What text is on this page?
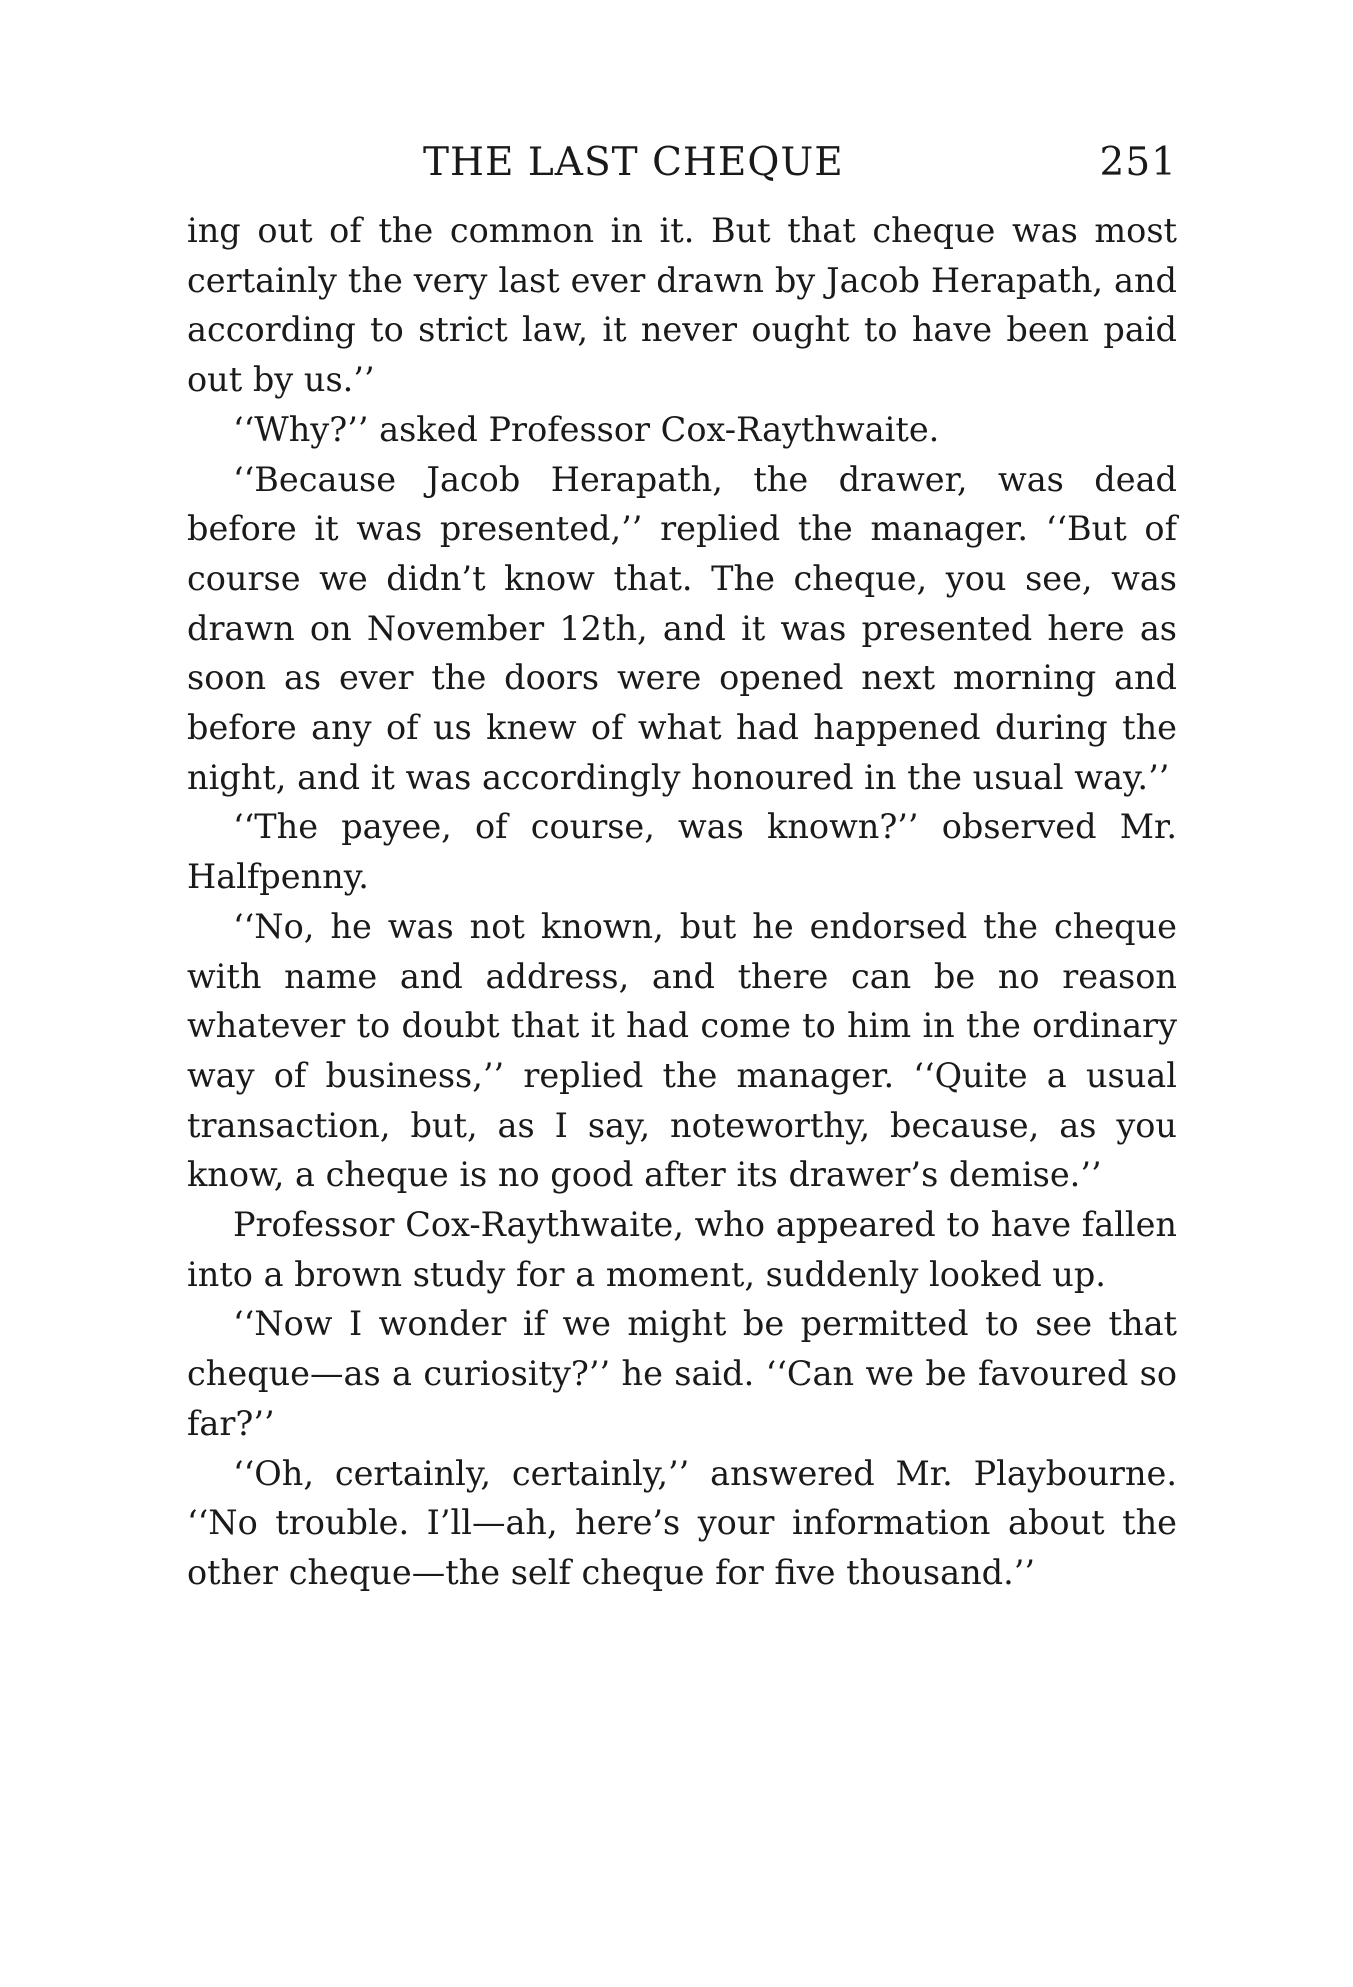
THE LAST CHEQUE	251

ing out of the common in it. But that cheque was most certainly the very last ever drawn by Jacob Herapath, and according to strict law, it never ought to have been paid out by us.’’

‘‘Why?’’ asked Professor Cox-Raythwaite.

‘‘Because Jacob Herapath, the drawer, was dead before it was presented,’’ replied the manager. ‘‘But of course we didn’t know that. The cheque, you see, was drawn on November 12th, and it was presented here as soon as ever the doors were opened next morning and before any of us knew of what had happened during the night, and it was accordingly honoured in the usual way.’’

‘‘The payee, of course, was known?’’ observed Mr. Halfpenny.

‘‘No, he was not known, but he endorsed the cheque with name and address, and there can be no reason whatever to doubt that it had come to him in the ordinary way of business,’’ replied the manager. ‘‘Quite a usual transaction, but, as I say, noteworthy, because, as you know, a cheque is no good after its drawer’s demise.’’

Professor Cox-Raythwaite, who appeared to have fallen into a brown study for a moment, suddenly looked up.

‘‘Now I wonder if we might be permitted to see that cheque—as a curiosity?’’ he said. ‘‘Can we be favoured so far?’’

‘‘Oh, certainly, certainly,’’ answered Mr. Playbourne. ‘‘No trouble. I’ll—ah, here’s your information about the other cheque—the self cheque for five thousand.’’
